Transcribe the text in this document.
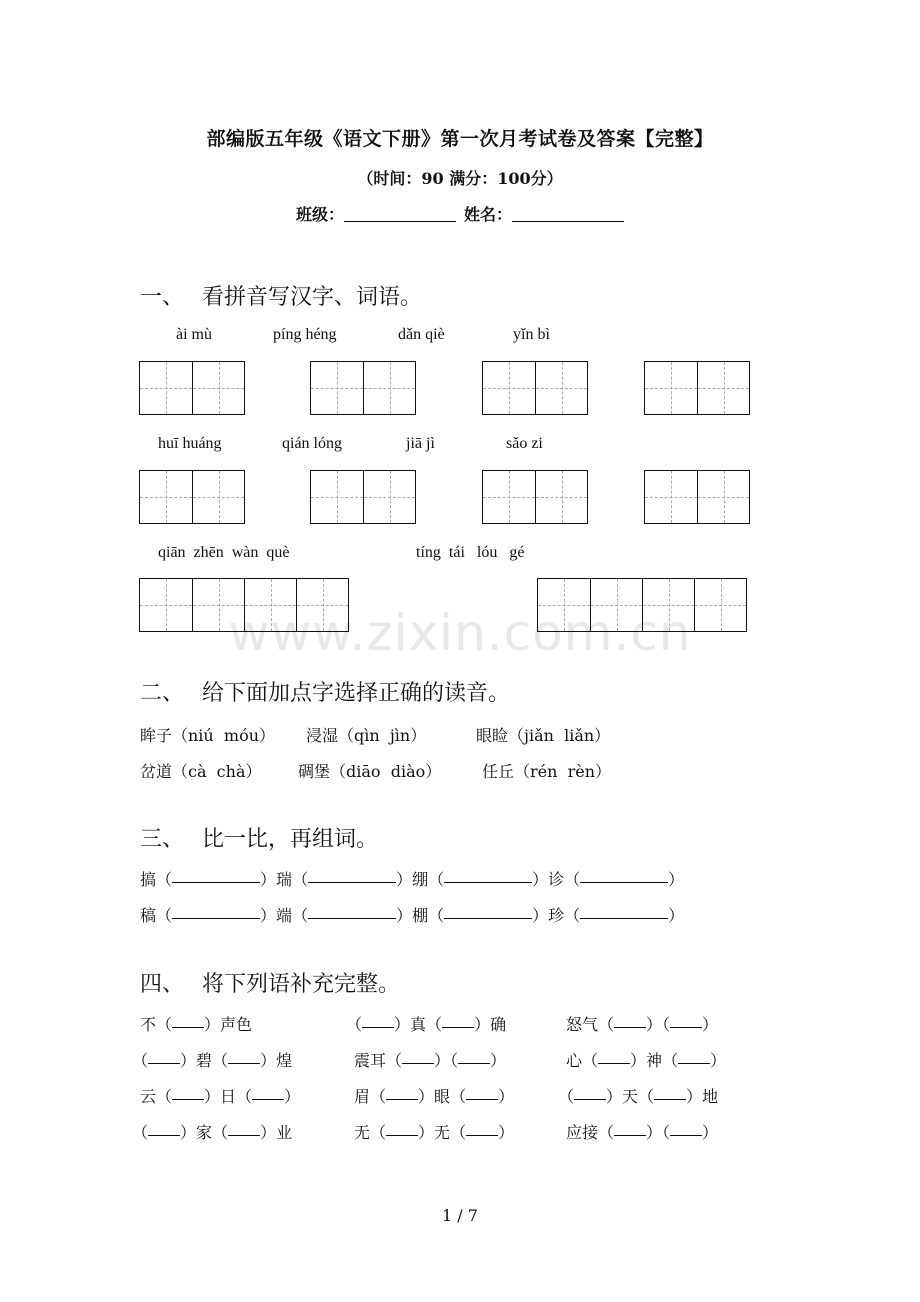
www.zixin.com.cn
部编版五年级《语文下册》第一次月考试卷及答案【完整】
（时间：90 满分：100分）
班级：	姓名：
一、 看拼音写汉字、词语。
ài mù	píng héng	dǎn qiè	yǐn bì
huī huáng	qián lóng	jiā jì	sǎo zi
qiān  zhēn  wàn  què	tíng  tái   lóu   gé
二、 给下面加点字选择正确的读音。
眸子（niú  móu） 浸湿（qìn  jìn）	眼睑（jiǎn  liǎn）
岔道（cà  chà） 碉堡（diāo  diào）	任丘（rén  rèn）
三、 比一比，再组词。
搞（	）瑞（	）绷（	）诊（	）
稿（	）端（	）棚（	）珍（	）
四、 将下列语补充完整。
不（ ）声色	（ ）真（ ）确	怒气（ ）（ ）
（ ）碧（ ）煌	震耳（ ）（ ）	心（ ）神（ ）
云（ ）日（ ）	眉（ ）眼（ ）	（ ）天（ ）地
（ ）家（ ）业	无（ ）无（ ）	应接（ ）（ ）
1 / 7
